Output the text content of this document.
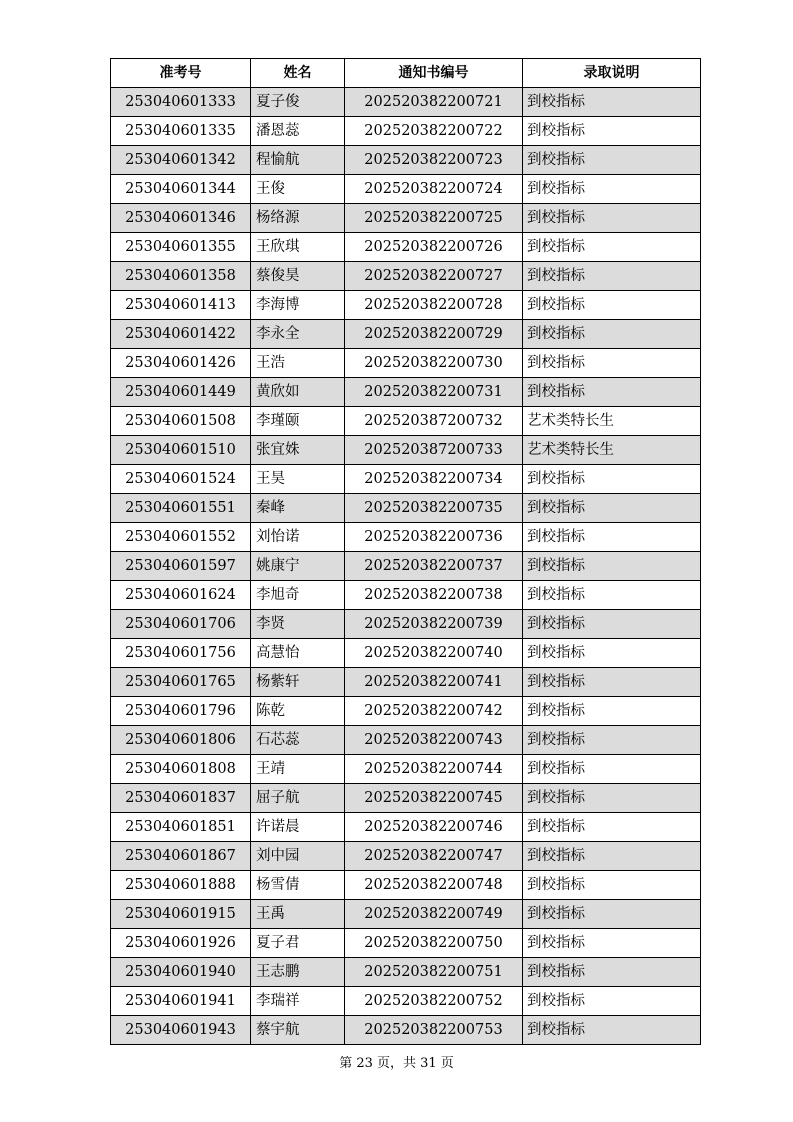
准考号	姓名	通知书编号	录取说明
253040601333	夏子俊	202520382200721	到校指标
253040601335	潘恩蕊	202520382200722	到校指标
253040601342	程愉航	202520382200723	到校指标
253040601344	王俊	202520382200724	到校指标
253040601346	杨络源	202520382200725	到校指标
253040601355	王欣琪	202520382200726	到校指标
253040601358	蔡俊昊	202520382200727	到校指标
253040601413	李海博	202520382200728	到校指标
253040601422	李永全	202520382200729	到校指标
253040601426	王浩	202520382200730	到校指标
253040601449	黄欣如	202520382200731	到校指标
253040601508	李瑾颐	202520387200732	艺术类特长生
253040601510	张宜姝	202520387200733	艺术类特长生
253040601524	王昊	202520382200734	到校指标
253040601551	秦峰	202520382200735	到校指标
253040601552	刘怡诺	202520382200736	到校指标
253040601597	姚康宁	202520382200737	到校指标
253040601624	李旭奇	202520382200738	到校指标
253040601706	李贤	202520382200739	到校指标
253040601756	高慧怡	202520382200740	到校指标
253040601765	杨紫轩	202520382200741	到校指标
253040601796	陈乾	202520382200742	到校指标
253040601806	石芯蕊	202520382200743	到校指标
253040601808	王靖	202520382200744	到校指标
253040601837	屈子航	202520382200745	到校指标
253040601851	许诺晨	202520382200746	到校指标
253040601867	刘中园	202520382200747	到校指标
253040601888	杨雪倩	202520382200748	到校指标
253040601915	王禹	202520382200749	到校指标
253040601926	夏子君	202520382200750	到校指标
253040601940	王志鹏	202520382200751	到校指标
253040601941	李瑞祥	202520382200752	到校指标
253040601943	蔡宇航	202520382200753	到校指标
第 23 页，共 31 页
